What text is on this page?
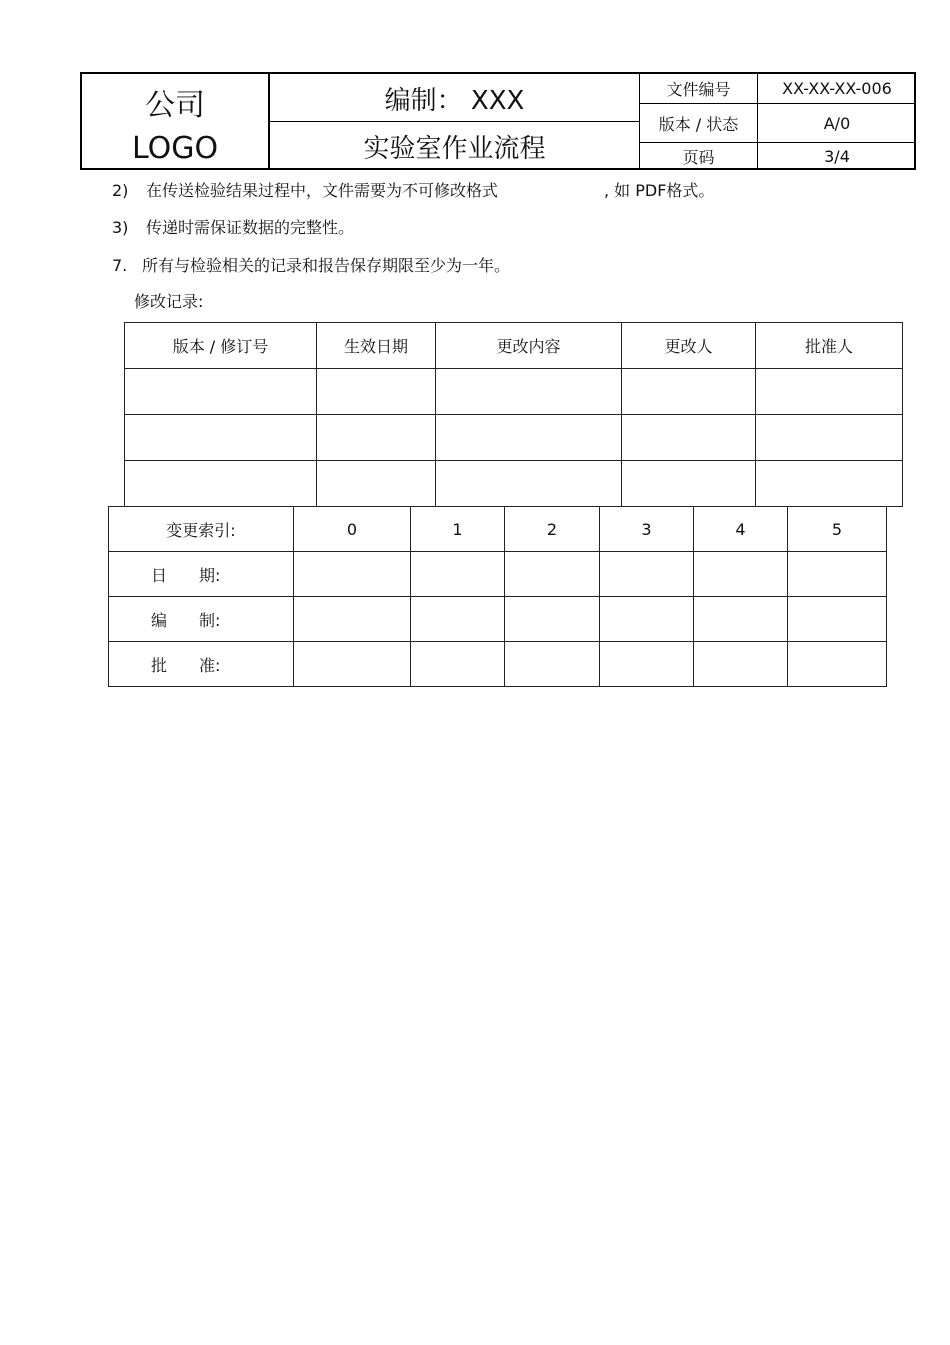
公司
LOGO
编制： XXX
实验室作业流程
文件编号	XX-XX-XX-006
版本 / 状态	A/0
页码	3/4
2) 在传送检验结果过程中，文件需要为不可修改格式	, 如 PDF格式。
3) 传递时需保证数据的完整性。
7. 所有与检验相关的记录和报告保存期限至少为一年。
修改记录:
版本 / 修订号	生效日期	更改内容	更改人	批准人

变更索引:	0	1	2	3	4	5
日　　期:						
编　　制:						
批　　准:						
